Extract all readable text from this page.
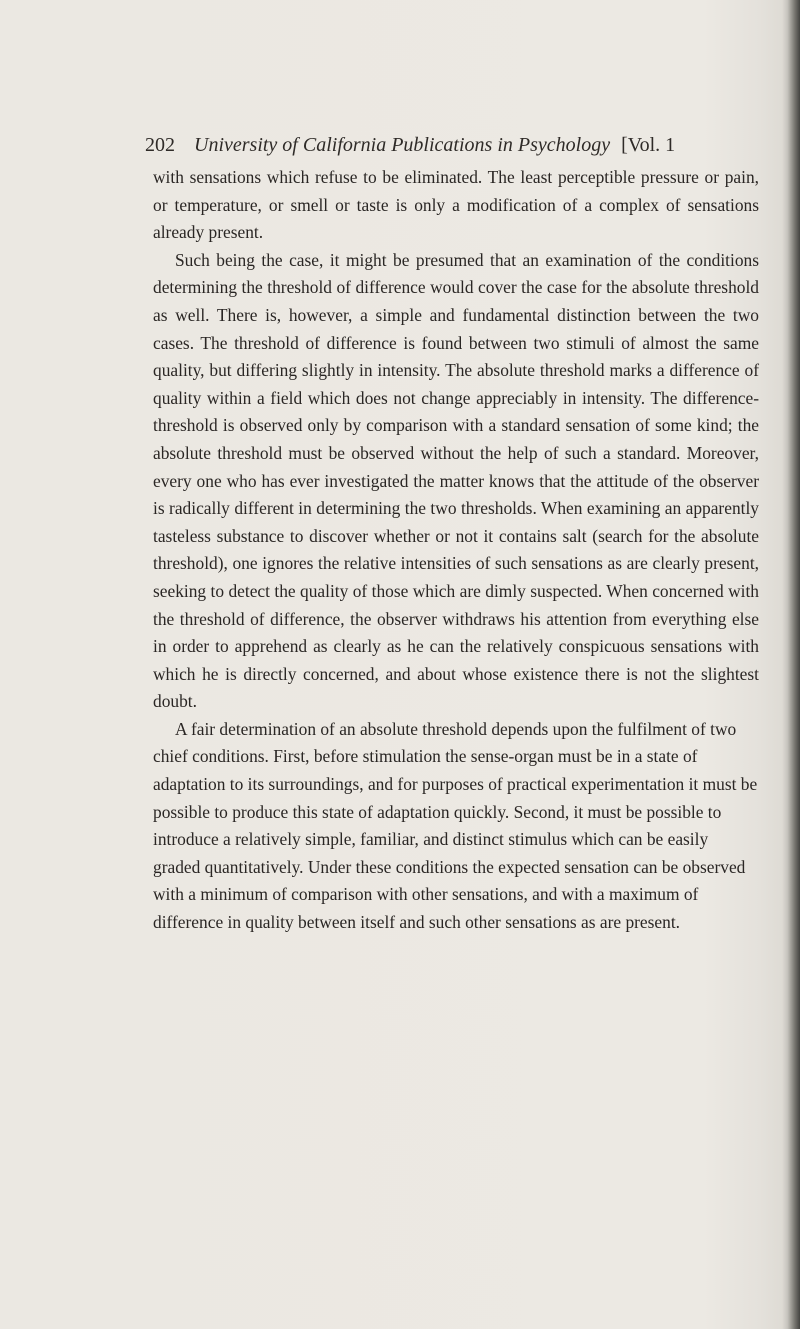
202 University of California Publications in Psychology [Vol. 1

with sensations which refuse to be eliminated. The least perceptible pressure or pain, or temperature, or smell or taste is only a modification of a complex of sensations already present.

Such being the case, it might be presumed that an examination of the conditions determining the threshold of difference would cover the case for the absolute threshold as well. There is, however, a simple and fundamental distinction between the two cases. The threshold of difference is found between two stimuli of almost the same quality, but differing slightly in intensity. The absolute threshold marks a difference of quality within a field which does not change appreciably in intensity. The difference-threshold is observed only by comparison with a standard sensation of some kind; the absolute threshold must be observed without the help of such a standard. Moreover, every one who has ever investigated the matter knows that the attitude of the observer is radically different in determining the two thresholds. When examining an apparently tasteless substance to discover whether or not it contains salt (search for the absolute threshold), one ignores the relative intensities of such sensations as are clearly present, seeking to detect the quality of those which are dimly suspected. When concerned with the threshold of difference, the observer withdraws his attention from everything else in order to apprehend as clearly as he can the relatively conspicuous sensations with which he is directly concerned, and about whose existence there is not the slightest doubt.

A fair determination of an absolute threshold depends upon the fulfilment of two chief conditions. First, before stimulation the sense-organ must be in a state of adaptation to its surroundings, and for purposes of practical experimentation it must be possible to produce this state of adaptation quickly. Second, it must be possible to introduce a relatively simple, familiar, and distinct stimulus which can be easily graded quantitatively. Under these conditions the expected sensation can be observed with a minimum of comparison with other sensations, and with a maximum of difference in quality between itself and such other sensations as are present.
